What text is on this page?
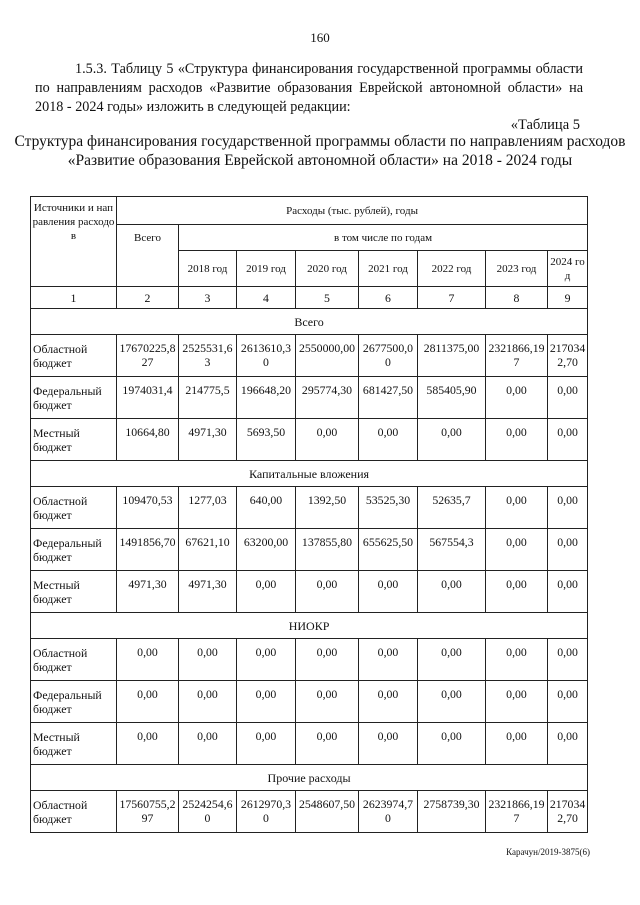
160
1.5.3. Таблицу 5 «Структура финансирования государственной программы области по направлениям расходов «Развитие образования Еврейской автономной области» на 2018 - 2024 годы» изложить в следующей редакции:
«Таблица 5
Структура финансирования государственной программы области по направлениям расходов «Развитие образования Еврейской автономной области» на 2018 - 2024 годы
Источники и направления расходов	Расходы (тыс. рублей), годы							
	Всего	в том числе по годам						
		2018 год	2019 год	2020 год	2021 год	2022 год	2023 год	2024 год
1	2	3	4	5	6	7	8	9
Всего								
Областной бюджет	17670225,827	2525531,63	2613610,30	2550000,00	2677500,00	2811375,00	2321866,197	2170342,70
Федеральный бюджет	1974031,4	214775,5	196648,20	295774,30	681427,50	585405,90	0,00	0,00
Местный бюджет	10664,80	4971,30	5693,50	0,00	0,00	0,00	0,00	0,00
Капитальные вложения								
Областной бюджет	109470,53	1277,03	640,00	1392,50	53525,30	52635,7	0,00	0,00
Федеральный бюджет	1491856,70	67621,10	63200,00	137855,80	655625,50	567554,3	0,00	0,00
Местный бюджет	4971,30	4971,30	0,00	0,00	0,00	0,00	0,00	0,00
НИОКР								
Областной бюджет	0,00	0,00	0,00	0,00	0,00	0,00	0,00	0,00
Федеральный бюджет	0,00	0,00	0,00	0,00	0,00	0,00	0,00	0,00
Местный бюджет	0,00	0,00	0,00	0,00	0,00	0,00	0,00	0,00
Прочие расходы								
Областной бюджет	17560755,297	2524254,60	2612970,30	2548607,50	2623974,70	2758739,30	2321866,197	2170342,70
Карачун/2019-3875(6)
